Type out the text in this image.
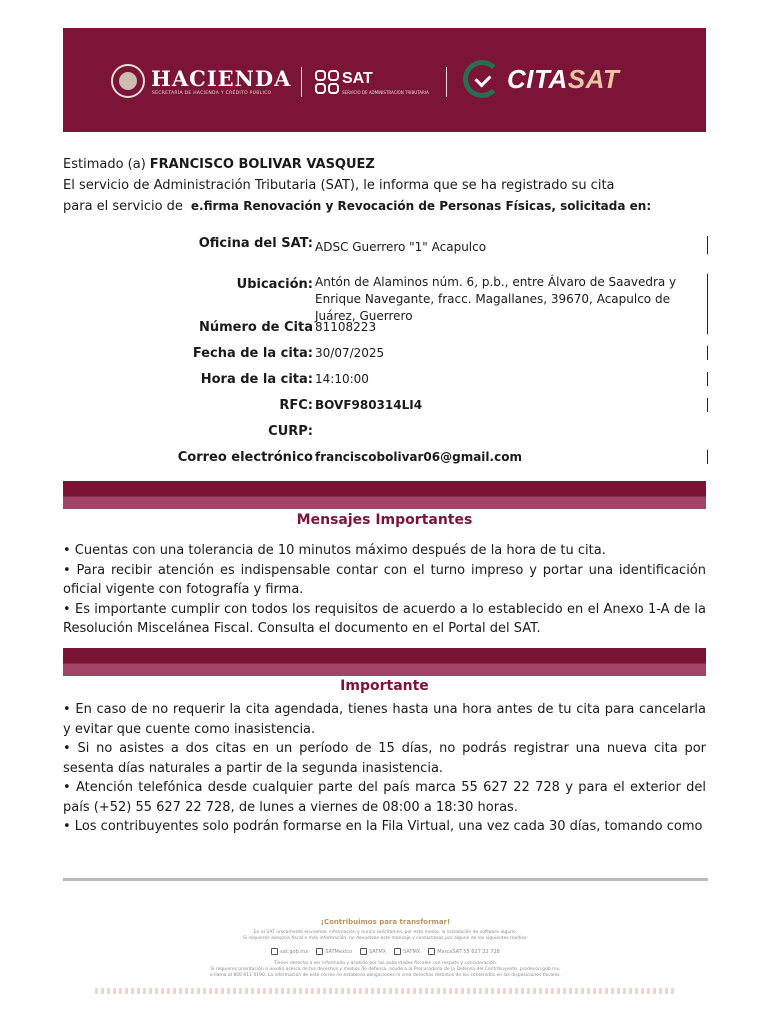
HACIENDA
SECRETARÍA DE HACIENDA Y CRÉDITO PÚBLICO
SAT
SERVICIO DE ADMINISTRACIÓN TRIBUTARIA	CITASAT
Estimado (a) FRANCISCO BOLIVAR VASQUEZ
El servicio de Administración Tributaria (SAT), le informa que se ha registrado su cita
para el servicio de e.firma Renovación y Revocación de Personas Físicas, solicitada en:
Oficina del SAT: ADSC Guerrero "1" Acapulco
Ubicación: Antón de Alaminos núm. 6, p.b., entre Álvaro de Saavedra y Enrique Navegante, fracc. Magallanes, 39670, Acapulco de Juárez, Guerrero
Número de Cita 81108223
Fecha de la cita: 30/07/2025
Hora de la cita: 14:10:00
RFC: BOVF980314LI4
CURP:
Correo electrónico franciscobolivar06@gmail.com
Mensajes Importantes

• Cuentas con una tolerancia de 10 minutos máximo después de la hora de tu cita.

• Para recibir atención es indispensable contar con el turno impreso y portar una identificación oficial vigente con fotografía y firma.

• Es importante cumplir con todos los requisitos de acuerdo a lo establecido en el Anexo 1-A de la Resolución Miscelánea Fiscal. Consulta el documento en el Portal del SAT.

Importante

• En caso de no requerir la cita agendada, tienes hasta una hora antes de tu cita para cancelarla y evitar que cuente como inasistencia.

• Si no asistes a dos citas en un período de 15 días, no podrás registrar una nueva cita por sesenta días naturales a partir de la segunda inasistencia.

• Atención telefónica desde cualquier parte del país marca 55 627 22 728 y para el exterior del país (+52) 55 627 22 728, de lunes a viernes de 08:00 a 18:30 horas.

• Los contribuyentes solo podrán formarse en la Fila Virtual, una vez cada 30 días, tomando como

¡Contribuimos para transformar!
En el SAT únicamente enviamos, información y nunca solicitamos, por este medio, la instalación de software alguno.
Si requieres asesoría fiscal o más información, no devuelvas este mensaje y contáctanos por alguno de los siguientes medios:
sat.gob.mx	SATMexico	SATMX	SATMX	MarcaSAT 55 627 22 728
Tienes derecho a ser informado y asistido por las autoridades fiscales con respeto y consideración.
Si requieres orientación o auxilio acerca de tus derechos y medios de defensa, acude a la Procuraduría de la Defensa del Contribuyente, prodecon.gob.mx,
o llama al 800 611 0190. La información de este correo no establece obligaciones ni crea derechos distintos de los contenidos en las disposiciones fiscales.
